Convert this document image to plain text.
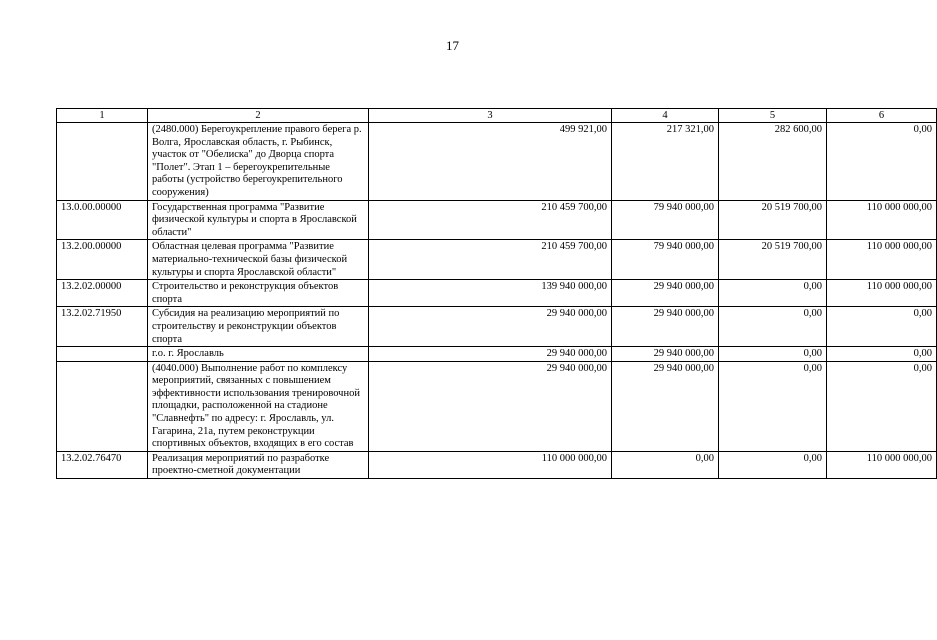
17
1	2	3	4	5	6
	(2480.000) Берегоукрепление правого берега р. Волга, Ярославская область, г. Рыбинск, участок от "Обелиска" до Дворца спорта "Полет". Этап 1 – берегоукрепительные работы (устройство берегоукрепительного сооружения)	499 921,00	217 321,00	282 600,00	0,00
13.0.00.00000	Государственная программа "Развитие физической культуры и спорта в Ярославской области"	210 459 700,00	79 940 000,00	20 519 700,00	110 000 000,00
13.2.00.00000	Областная целевая программа "Развитие материально-технической базы физической культуры и спорта Ярославской области"	210 459 700,00	79 940 000,00	20 519 700,00	110 000 000,00
13.2.02.00000	Строительство и реконструкция объектов спорта	139 940 000,00	29 940 000,00	0,00	110 000 000,00
13.2.02.71950	Субсидия на реализацию мероприятий по строительству и реконструкции объектов спорта	29 940 000,00	29 940 000,00	0,00	0,00
	г.о. г. Ярославль	29 940 000,00	29 940 000,00	0,00	0,00
	(4040.000) Выполнение работ по комплексу мероприятий, связанных с повышением эффективности использования тренировочной площадки, расположенной на стадионе "Славнефть" по адресу: г. Ярославль, ул. Гагарина, 21а, путем реконструкции спортивных объектов, входящих в его состав	29 940 000,00	29 940 000,00	0,00	0,00
13.2.02.76470	Реализация мероприятий по разработке проектно-сметной документации	110 000 000,00	0,00	0,00	110 000 000,00
